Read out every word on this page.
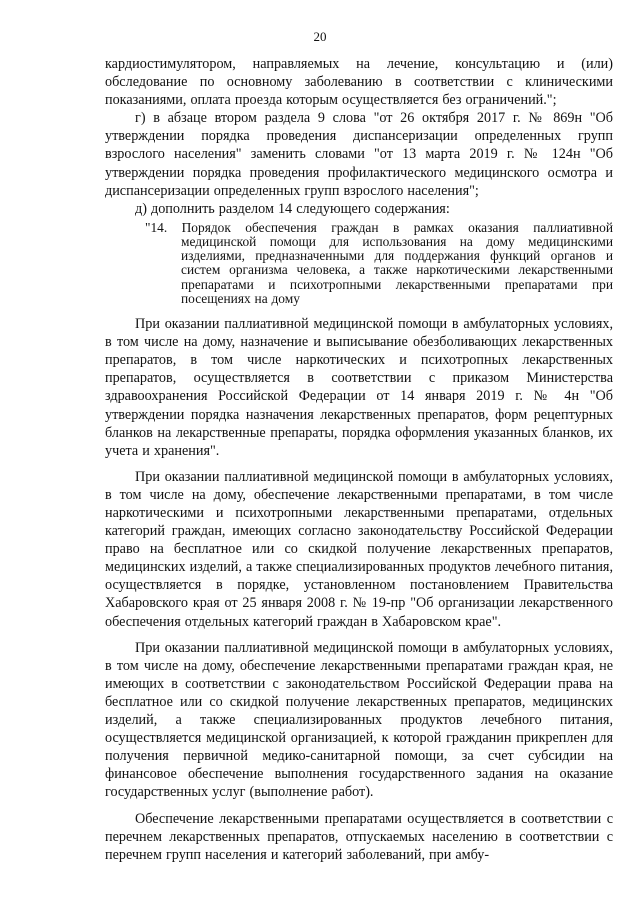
20

кардиостимулятором, направляемых на лечение, консультацию и (или) обследование по основному заболеванию в соответствии с клиническими показаниями, оплата проезда которым осуществляется без ограничений.";

г) в абзаце втором раздела 9 слова "от 26 октября 2017 г. № 869н "Об утверждении порядка проведения диспансеризации определенных групп взрослого населения" заменить словами "от 13 марта 2019 г. № 124н "Об утверждении порядка проведения профилактического медицинского осмотра и диспансеризации определенных групп взрослого населения";

д) дополнить разделом 14 следующего содержания:

"14. Порядок обеспечения граждан в рамках оказания паллиативной медицинской помощи для использования на дому медицинскими изделиями, предназначенными для поддержания функций органов и систем организма человека, а также наркотическими лекарственными препаратами и психотропными лекарственными препаратами при посещениях на дому

При оказании паллиативной медицинской помощи в амбулаторных условиях, в том числе на дому, назначение и выписывание обезболивающих лекарственных препаратов, в том числе наркотических и психотропных лекарственных препаратов, осуществляется в соответствии с приказом Министерства здравоохранения Российской Федерации от 14 января 2019 г. № 4н "Об утверждении порядка назначения лекарственных препаратов, форм рецептурных бланков на лекарственные препараты, порядка оформления указанных бланков, их учета и хранения".

При оказании паллиативной медицинской помощи в амбулаторных условиях, в том числе на дому, обеспечение лекарственными препаратами, в том числе наркотическими и психотропными лекарственными препаратами, отдельных категорий граждан, имеющих согласно законодательству Российской Федерации право на бесплатное или со скидкой получение лекарственных препаратов, медицинских изделий, а также специализированных продуктов лечебного питания, осуществляется в порядке, установленном постановлением Правительства Хабаровского края от 25 января 2008 г. № 19-пр "Об организации лекарственного обеспечения отдельных категорий граждан в Хабаровском крае".

При оказании паллиативной медицинской помощи в амбулаторных условиях, в том числе на дому, обеспечение лекарственными препаратами граждан края, не имеющих в соответствии с законодательством Российской Федерации права на бесплатное или со скидкой получение лекарственных препаратов, медицинских изделий, а также специализированных продуктов лечебного питания, осуществляется медицинской организацией, к которой гражданин прикреплен для получения первичной медико-санитарной помощи, за счет субсидии на финансовое обеспечение выполнения государственного задания на оказание государственных услуг (выполнение работ).

Обеспечение лекарственными препаратами осуществляется в соответствии с перечнем лекарственных препаратов, отпускаемых населению в соответствии с перечнем групп населения и категорий заболеваний, при амбу-
